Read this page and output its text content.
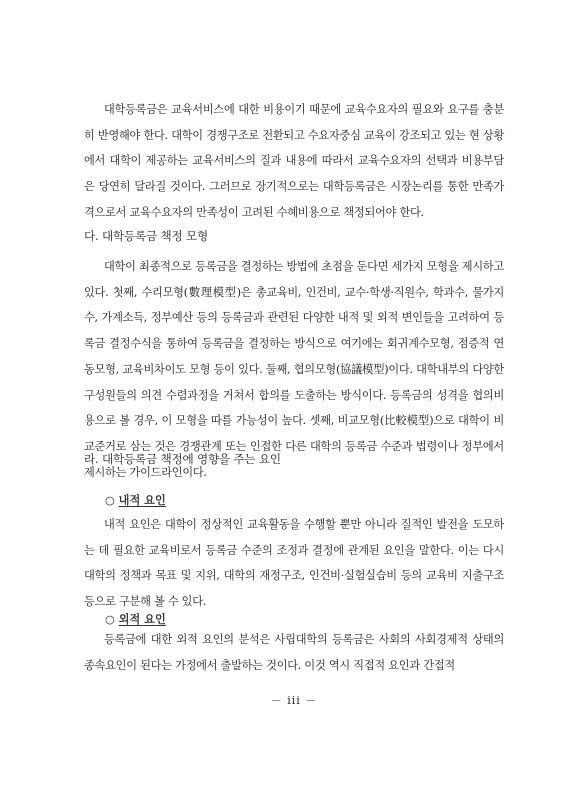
대학등록금은 교육서비스에 대한 비용이기 때문에 교육수요자의 필요와 요구를 충분히 반영해야 한다. 대학이 경쟁구조로 전환되고 수요자중심 교육이 강조되고 있는 현 상황에서 대학이 제공하는 교육서비스의 질과 내용에 따라서 교육수요자의 선택과 비용부담은 당연히 달라질 것이다. 그러므로 장기적으로는 대학등록금은 시장논리를 통한 만족가격으로서 교육수요자의 만족성이 고려된 수혜비용으로 책정되어야 한다.

다. 대학등록금 책정 모형

대학이 최종적으로 등록금을 결정하는 방법에 초점을 둔다면 세가지 모형을 제시하고 있다. 첫째, 수리모형(數理模型)은 총교육비, 인건비, 교수·학생·직원수, 학과수, 물가지수, 가계소득, 정부예산 등의 등록금과 관련된 다양한 내적 및 외적 변인들을 고려하여 등록금 결정수식을 통하여 등록금을 결정하는 방식으로 여기에는 회귀계수모형, 점증적 연동모형, 교육비차이도 모형 등이 있다. 둘째, 협의모형(協議模型)이다. 대학내부의 다양한 구성원들의 의견 수렴과정을 거쳐서 합의를 도출하는 방식이다. 등록금의 성격을 협의비용으로 볼 경우, 이 모형을 따를 가능성이 높다. 셋째, 비교모형(比較模型)으로 대학이 비교준거로 삼는 것은 경쟁관계 또는 인접한 다른 대학의 등록금 수준과 법령이나 정부에서 제시하는 가이드라인이다.

라. 대학등록금 책정에 영향을 주는 요인

○ 내적 요인

내적 요인은 대학이 정상적인 교육활동을 수행할 뿐만 아니라 질적인 발전을 도모하는 데 필요한 교육비로서 등록금 수준의 조정과 결정에 관계된 요인을 말한다. 이는 다시 대학의 정책과 목표 및 지위, 대학의 재정구조, 인건비·실험실습비 등의 교육비 지출구조 등으로 구분해 볼 수 있다.

○ 외적 요인

등록금에 대한 외적 요인의 분석은 사립대학의 등록금은 사회의 사회경제적 상태의 종속요인이 된다는 가정에서 출발하는 것이다. 이것 역시 직접적 요인과 간접적

－ iii －
